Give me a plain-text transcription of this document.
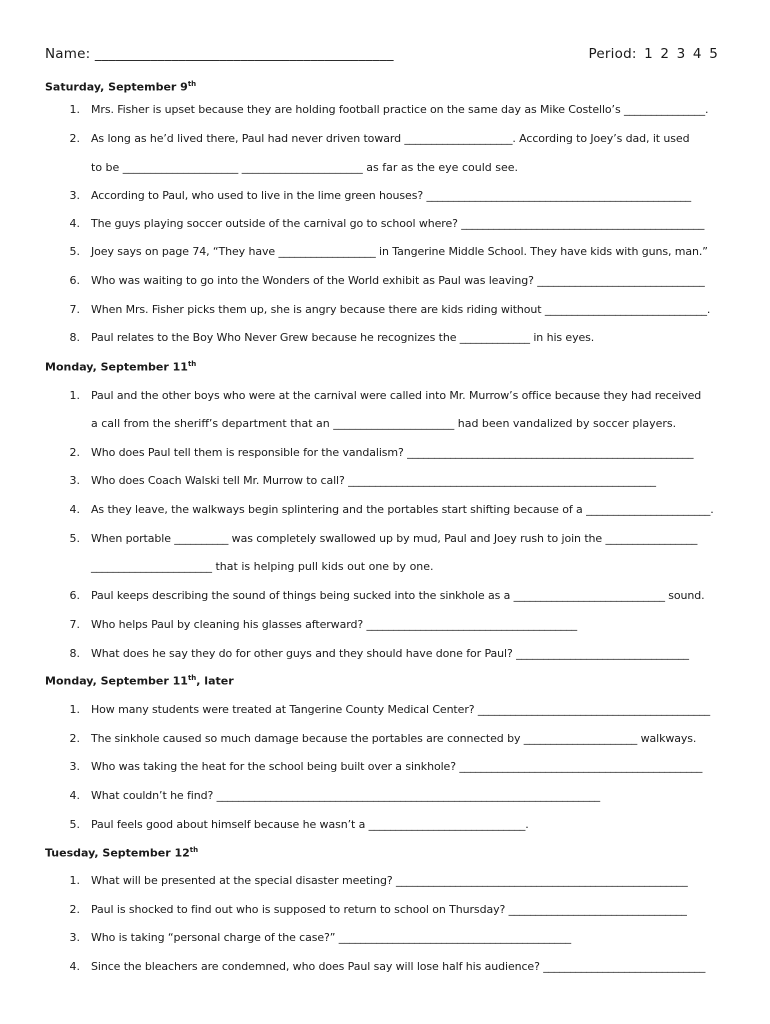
Name: ___________________________________________	Period: 1 2 3 4 5
Saturday, September 9th
1. Mrs. Fisher is upset because they are holding football practice on the same day as Mike Costello’s _______________.
2. As long as he’d lived there, Paul had never driven toward ____________________. According to Joey’s dad, it used
to be _____________________ ______________________ as far as the eye could see.
3. According to Paul, who used to live in the lime green houses? _________________________________________________
4. The guys playing soccer outside of the carnival go to school where? _____________________________________________
5. Joey says on page 74, “They have __________________ in Tangerine Middle School. They have kids with guns, man.”
6. Who was waiting to go into the Wonders of the World exhibit as Paul was leaving? _______________________________
7. When Mrs. Fisher picks them up, she is angry because there are kids riding without ______________________________.
8. Paul relates to the Boy Who Never Grew because he recognizes the _____________ in his eyes.
Monday, September 11th
1. Paul and the other boys who were at the carnival were called into Mr. Murrow’s office because they had received
a call from the sheriff’s department that an ______________________ had been vandalized by soccer players.
2. Who does Paul tell them is responsible for the vandalism? _____________________________________________________
3. Who does Coach Walski tell Mr. Murrow to call? _________________________________________________________
4. As they leave, the walkways begin splintering and the portables start shifting because of a _______________________.
5. When portable __________ was completely swallowed up by mud, Paul and Joey rush to join the _________________
______________________ that is helping pull kids out one by one.
6. Paul keeps describing the sound of things being sucked into the sinkhole as a ____________________________ sound.
7. Who helps Paul by cleaning his glasses afterward? _______________________________________
8. What does he say they do for other guys and they should have done for Paul? ________________________________
Monday, September 11th, later
1. How many students were treated at Tangerine County Medical Center? ___________________________________________
2. The sinkhole caused so much damage because the portables are connected by _____________________ walkways.
3. Who was taking the heat for the school being built over a sinkhole? _____________________________________________
4. What couldn’t he find? _______________________________________________________________________
5. Paul feels good about himself because he wasn’t a _____________________________.
Tuesday, September 12th
1. What will be presented at the special disaster meeting? ______________________________________________________
2. Paul is shocked to find out who is supposed to return to school on Thursday? _________________________________
3. Who is taking “personal charge of the case?” ___________________________________________
4. Since the bleachers are condemned, who does Paul say will lose half his audience? ______________________________
